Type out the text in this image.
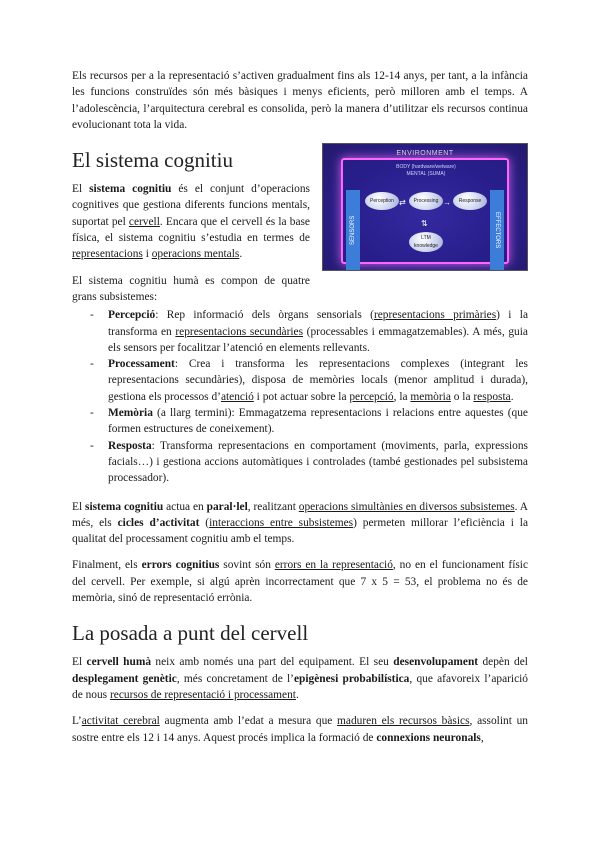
Els recursos per a la representació s’activen gradualment fins als 12-14 anys, per tant, a la infància les funcions construïdes són més bàsiques i menys eficients, però milloren amb el temps. A l’adolescència, l’arquitectura cerebral es consolida, però la manera d’utilitzar els recursos continua evolucionant tota la vida.

ENVIRONMENT
SENSORS	EFFECTORS
BODY (hardware/wetware)
MENTAL (SUMA)
Perception	Processing	Response
LTM
knowledge
⇄	→
⇅
El sistema cognitiu

El sistema cognitiu és el conjunt d’operacions cognitives que gestiona diferents funcions mentals, suportat pel cervell. Encara que el cervell és la base física, el sistema cognitiu s’estudia en termes de representacions i operacions mentals.

El sistema cognitiu humà es compon de quatre grans subsistemes:

- Percepció: Rep informació dels òrgans sensorials (representacions primàries) i la transforma en representacions secundàries (processables i emmagatzemables). A més, guia els sensors per focalitzar l’atenció en elements rellevants.
- Processament: Crea i transforma les representacions complexes (integrant les representacions secundàries), disposa de memòries locals (menor amplitud i durada), gestiona els processos d’atenció i pot actuar sobre la percepció, la memòria o la resposta.
- Memòria (a llarg termini): Emmagatzema representacions i relacions entre aquestes (que formen estructures de coneixement).
- Resposta: Transforma representacions en comportament (moviments, parla, expressions facials…) i gestiona accions automàtiques i controlades (també gestionades pel subsistema processador).

El sistema cognitiu actua en paral·lel, realitzant operacions simultànies en diversos subsistemes. A més, els cicles d’activitat (interaccions entre subsistemes) permeten millorar l’eficiència i la qualitat del processament cognitiu amb el temps.

Finalment, els errors cognitius sovint són errors en la representació, no en el funcionament físic del cervell. Per exemple, si algú aprèn incorrectament que 7 x 5 = 53, el problema no és de memòria, sinó de representació errònia.

La posada a punt del cervell

El cervell humà neix amb només una part del equipament. El seu desenvolupament depèn del desplegament genètic, més concretament de l’epigènesi probabilística, que afavoreix l’aparició de nous recursos de representació i processament.

L’activitat cerebral augmenta amb l’edat a mesura que maduren els recursos bàsics, assolint un sostre entre els 12 i 14 anys. Aquest procés implica la formació de connexions neuronals,
